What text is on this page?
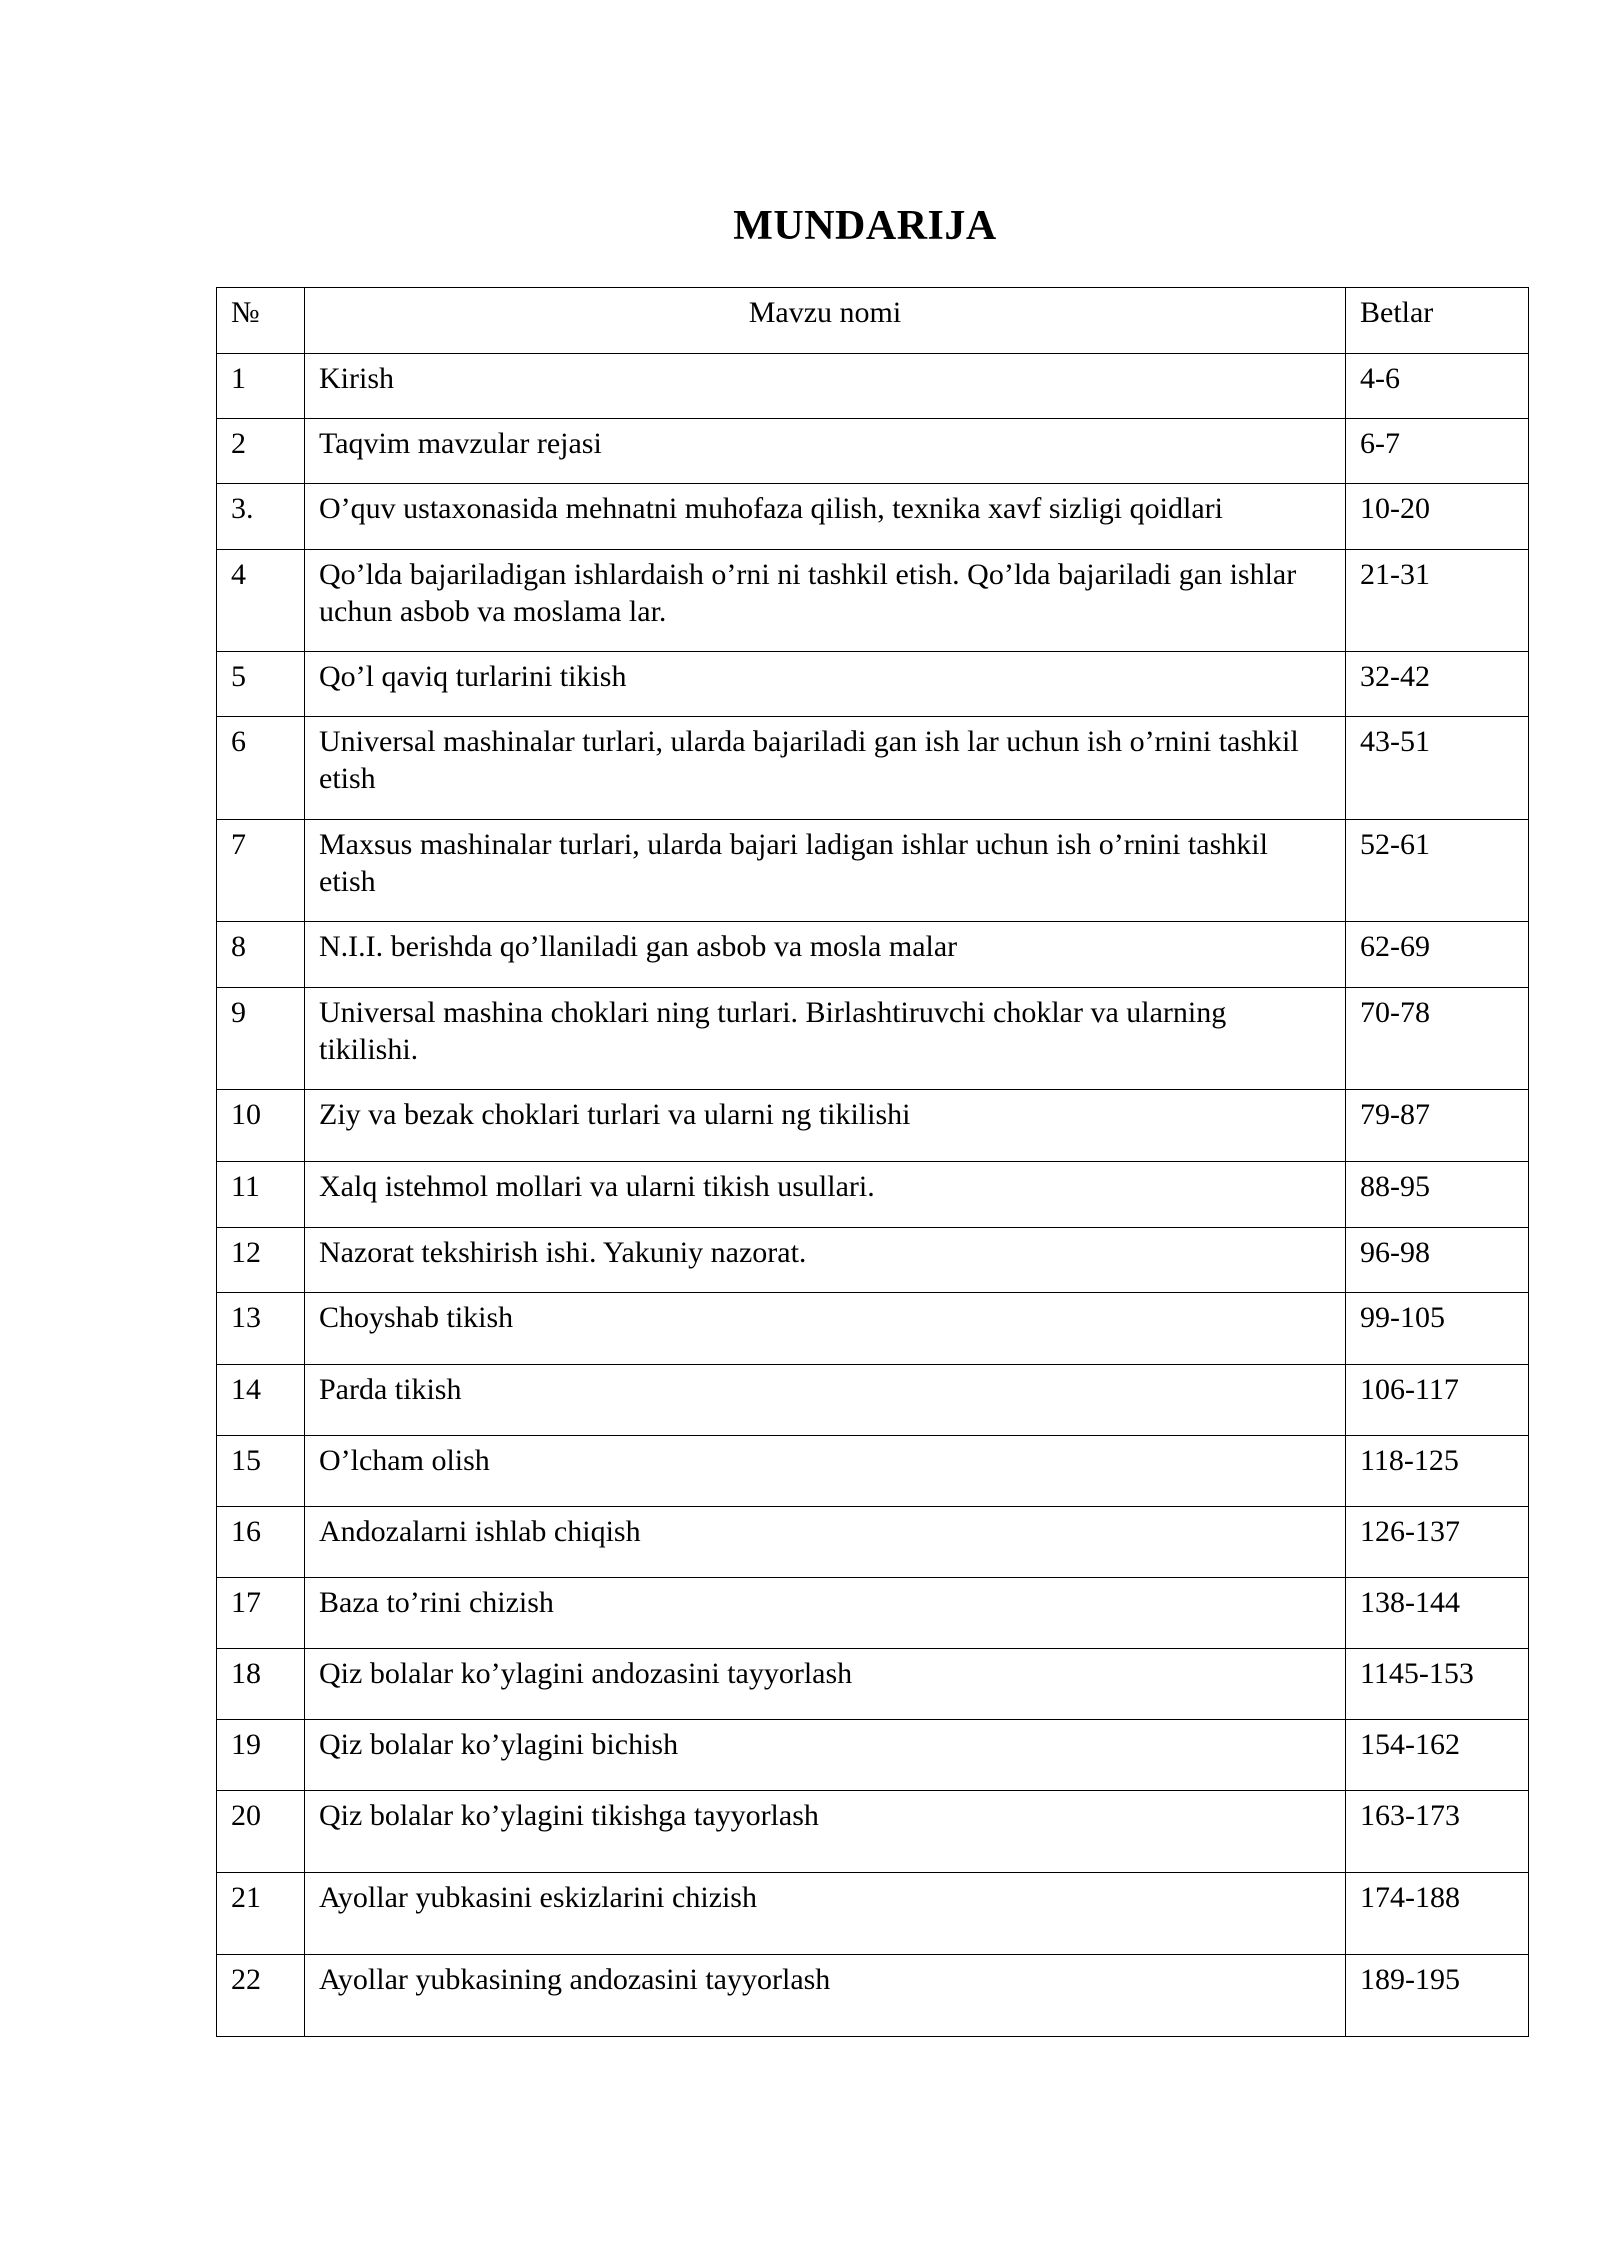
MUNDARIJA
№	Mavzu nomi	Betlar
1	Kirish	4-6
2	Taqvim mavzular rejasi	6-7
3.	O’quv ustaxonasida mehnatni muhofaza qilish, texnika xavf sizligi qoidlari	10-20
4	Qo’lda bajariladigan ishlardaish o’rni ni tashkil etish. Qo’lda bajariladi gan ishlar uchun asbob va moslama lar.	21-31
5	Qo’l qaviq turlarini tikish	32-42
6	Universal mashinalar turlari, ularda bajariladi gan ish lar uchun ish o’rnini tashkil etish	43-51
7	Maxsus mashinalar turlari, ularda bajari ladigan ishlar uchun ish o’rnini tashkil etish	52-61
8	N.I.I. berishda qo’llaniladi gan asbob va mosla malar	62-69
9	Universal mashina choklari ning turlari. Birlashtiruvchi choklar va ularning tikilishi.	70-78
10	Ziy va bezak choklari turlari va ularni ng tikilishi	79-87
11	Xalq istehmol mollari va ularni tikish usullari.	88-95
12	Nazorat tekshirish ishi. Yakuniy nazorat.	96-98
13	Choyshab tikish	99-105
14	Parda tikish	106-117
15	O’lcham olish	118-125
16	Andozalarni ishlab chiqish	126-137
17	Baza to’rini chizish	138-144
18	Qiz bolalar ko’ylagini andozasini tayyorlash	1145-153
19	Qiz bolalar ko’ylagini bichish	154-162
20	Qiz bolalar ko’ylagini tikishga tayyorlash	163-173
21	Ayollar yubkasini eskizlarini chizish	174-188
22	Ayollar yubkasining andozasini tayyorlash	189-195
